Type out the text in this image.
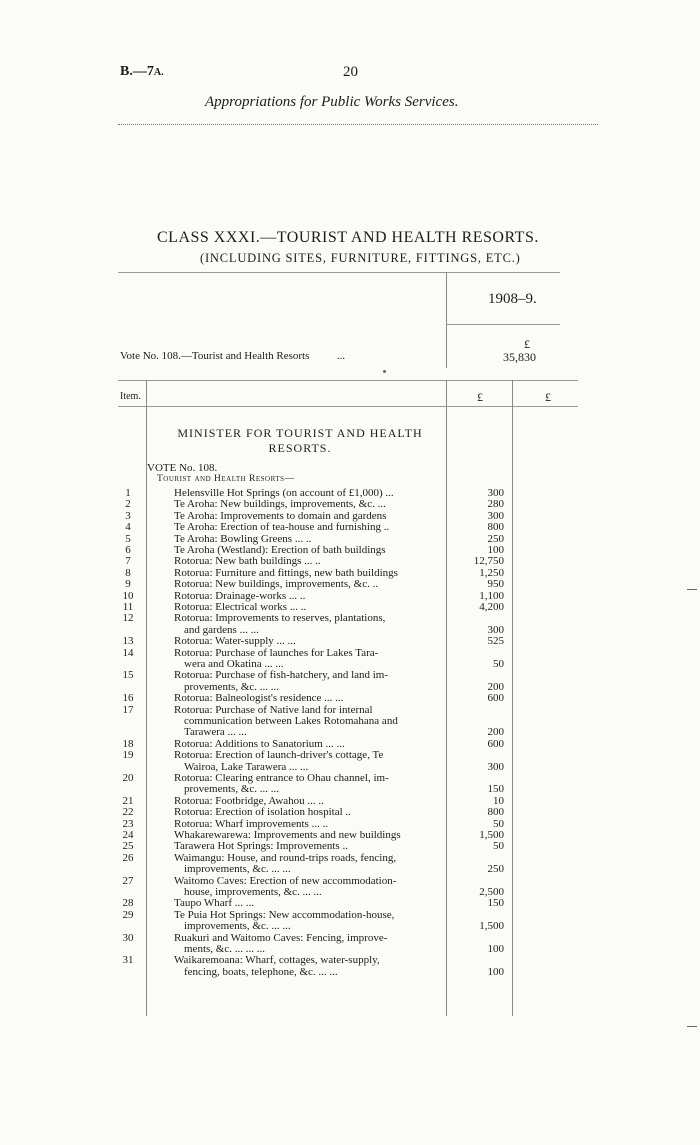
B.—7A.	20
Appropriations for Public Works Services.
CLASS XXXI.—TOURIST AND HEALTH RESORTS.
(INCLUDING SITES, FURNITURE, FITTINGS, ETC.)
1908–9.
£
Vote No. 108.—Tourist and Health Resorts	...	35,830
Item.	£	£
MINISTER FOR TOURIST AND HEALTH RESORTS.
VOTE No. 108.
Tourist and Health Resorts—
1	Helensville Hot Springs (on account of £1,000) ...	300
2	Te Aroha: New buildings, improvements, &c. ...	280
3	Te Aroha: Improvements to domain and gardens	300
4	Te Aroha: Erection of tea-house and furnishing ..	800
5	Te Aroha: Bowling Greens ... ..	250
6	Te Aroha (Westland): Erection of bath buildings	100
7	Rotorua: New bath buildings ... ..	12,750
8	Rotorua: Furniture and fittings, new bath buildings	1,250
9	Rotorua: New buildings, improvements, &c. ..	950
10	Rotorua: Drainage-works ... ..	1,100
11	Rotorua: Electrical works ... ..	4,200
12	Rotorua: Improvements to reserves, plantations,
and gardens ... ...	300
13	Rotorua: Water-supply ... ...	525
14	Rotorua: Purchase of launches for Lakes Tara-
wera and Okatina ... ...	50
15	Rotorua: Purchase of fish-hatchery, and land im-
provements, &c. ... ...	200
16	Rotorua: Balneologist's residence ... ...	600
17	Rotorua: Purchase of Native land for internal
communication between Lakes Rotomahana and
Tarawera ... ...	200
18	Rotorua: Additions to Sanatorium ... ...	600
19	Rotorua: Erection of launch-driver's cottage, Te
Wairoa, Lake Tarawera ... ...	300
20	Rotorua: Clearing entrance to Ohau channel, im-
provements, &c. ... ...	150
21	Rotorua: Footbridge, Awahou ... ..	10
22	Rotorua: Erection of isolation hospital ..	800
23	Rotorua: Wharf improvements ... ..	50
24	Whakarewarewa: Improvements and new buildings	1,500
25	Tarawera Hot Springs: Improvements ..	50
26	Waimangu: House, and round-trips roads, fencing,
improvements, &c. ... ...	250
27	Waitomo Caves: Erection of new accommodation-
house, improvements, &c. ... ...	2,500
28	Taupo Wharf ... ...	150
29	Te Puia Hot Springs: New accommodation-house,
improvements, &c. ... ...	1,500
30	Ruakuri and Waitomo Caves: Fencing, improve-
ments, &c. ... ... ...	100
31	Waikaremoana: Wharf, cottages, water-supply,
fencing, boats, telephone, &c. ... ...	100
